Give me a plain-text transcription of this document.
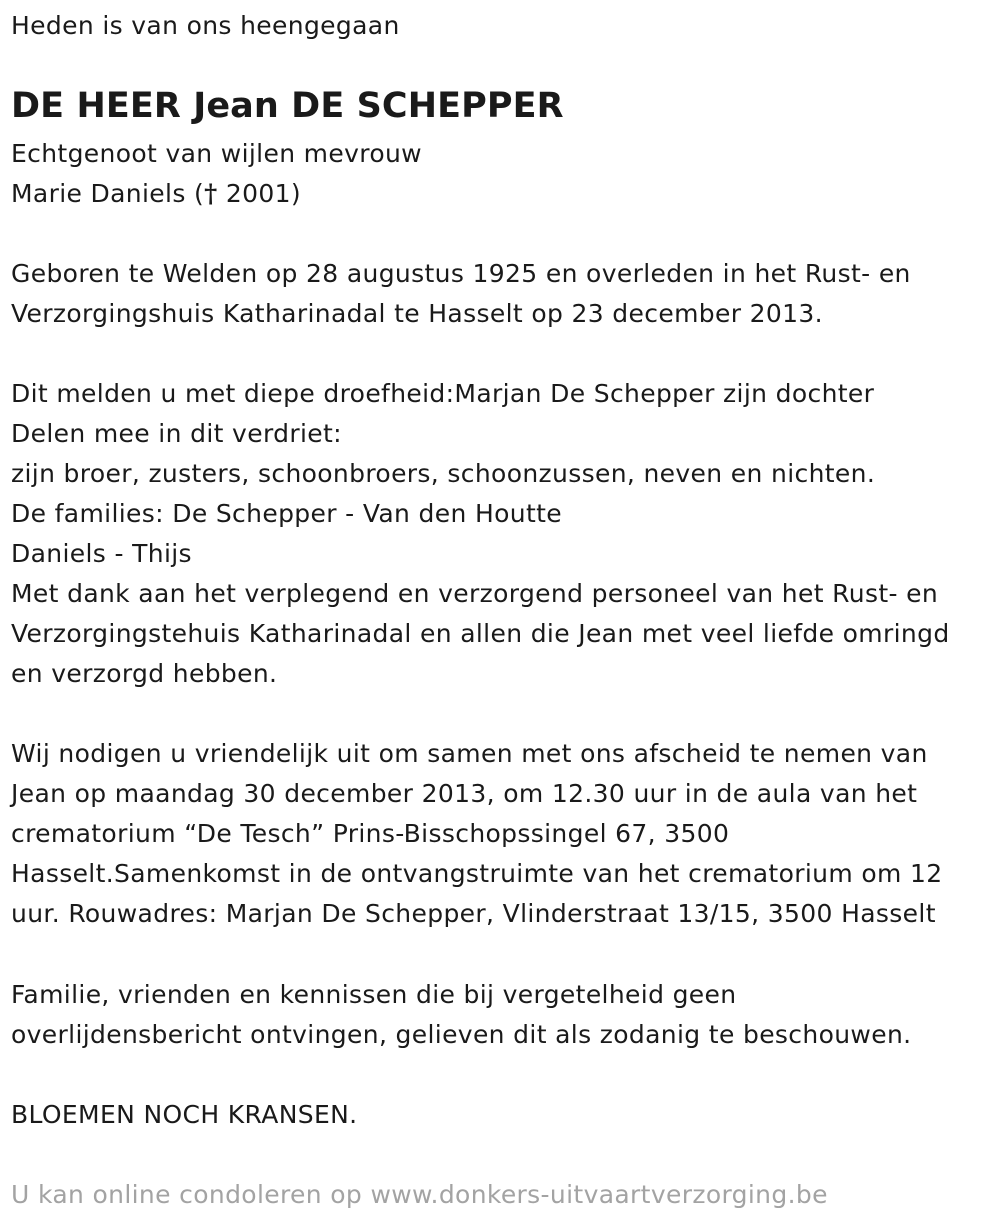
Heden is van ons heengegaan
DE HEER Jean DE SCHEPPER
Echtgenoot van wijlen mevrouw
Marie Daniels († 2001)
Geboren te Welden op 28 augustus 1925 en overleden in het Rust- en
Verzorgingshuis Katharinadal te Hasselt op 23 december 2013.
Dit melden u met diepe droefheid:Marjan De Schepper zijn dochter
Delen mee in dit verdriet:
zijn broer, zusters, schoonbroers, schoonzussen, neven en nichten.
De families: De Schepper - Van den Houtte
Daniels - Thijs
Met dank aan het verplegend en verzorgend personeel van het Rust- en
Verzorgingstehuis Katharinadal en allen die Jean met veel liefde omringd
en verzorgd hebben.
Wij nodigen u vriendelijk uit om samen met ons afscheid te nemen van
Jean op maandag 30 december 2013, om 12.30 uur in de aula van het
crematorium “De Tesch” Prins-Bisschopssingel 67, 3500
Hasselt.Samenkomst in de ontvangstruimte van het crematorium om 12
uur. Rouwadres: Marjan De Schepper, Vlinderstraat 13/15, 3500 Hasselt
Familie, vrienden en kennissen die bij vergetelheid geen
overlijdensbericht ontvingen, gelieven dit als zodanig te beschouwen.
BLOEMEN NOCH KRANSEN.
U kan online condoleren op www.donkers-uitvaartverzorging.be
